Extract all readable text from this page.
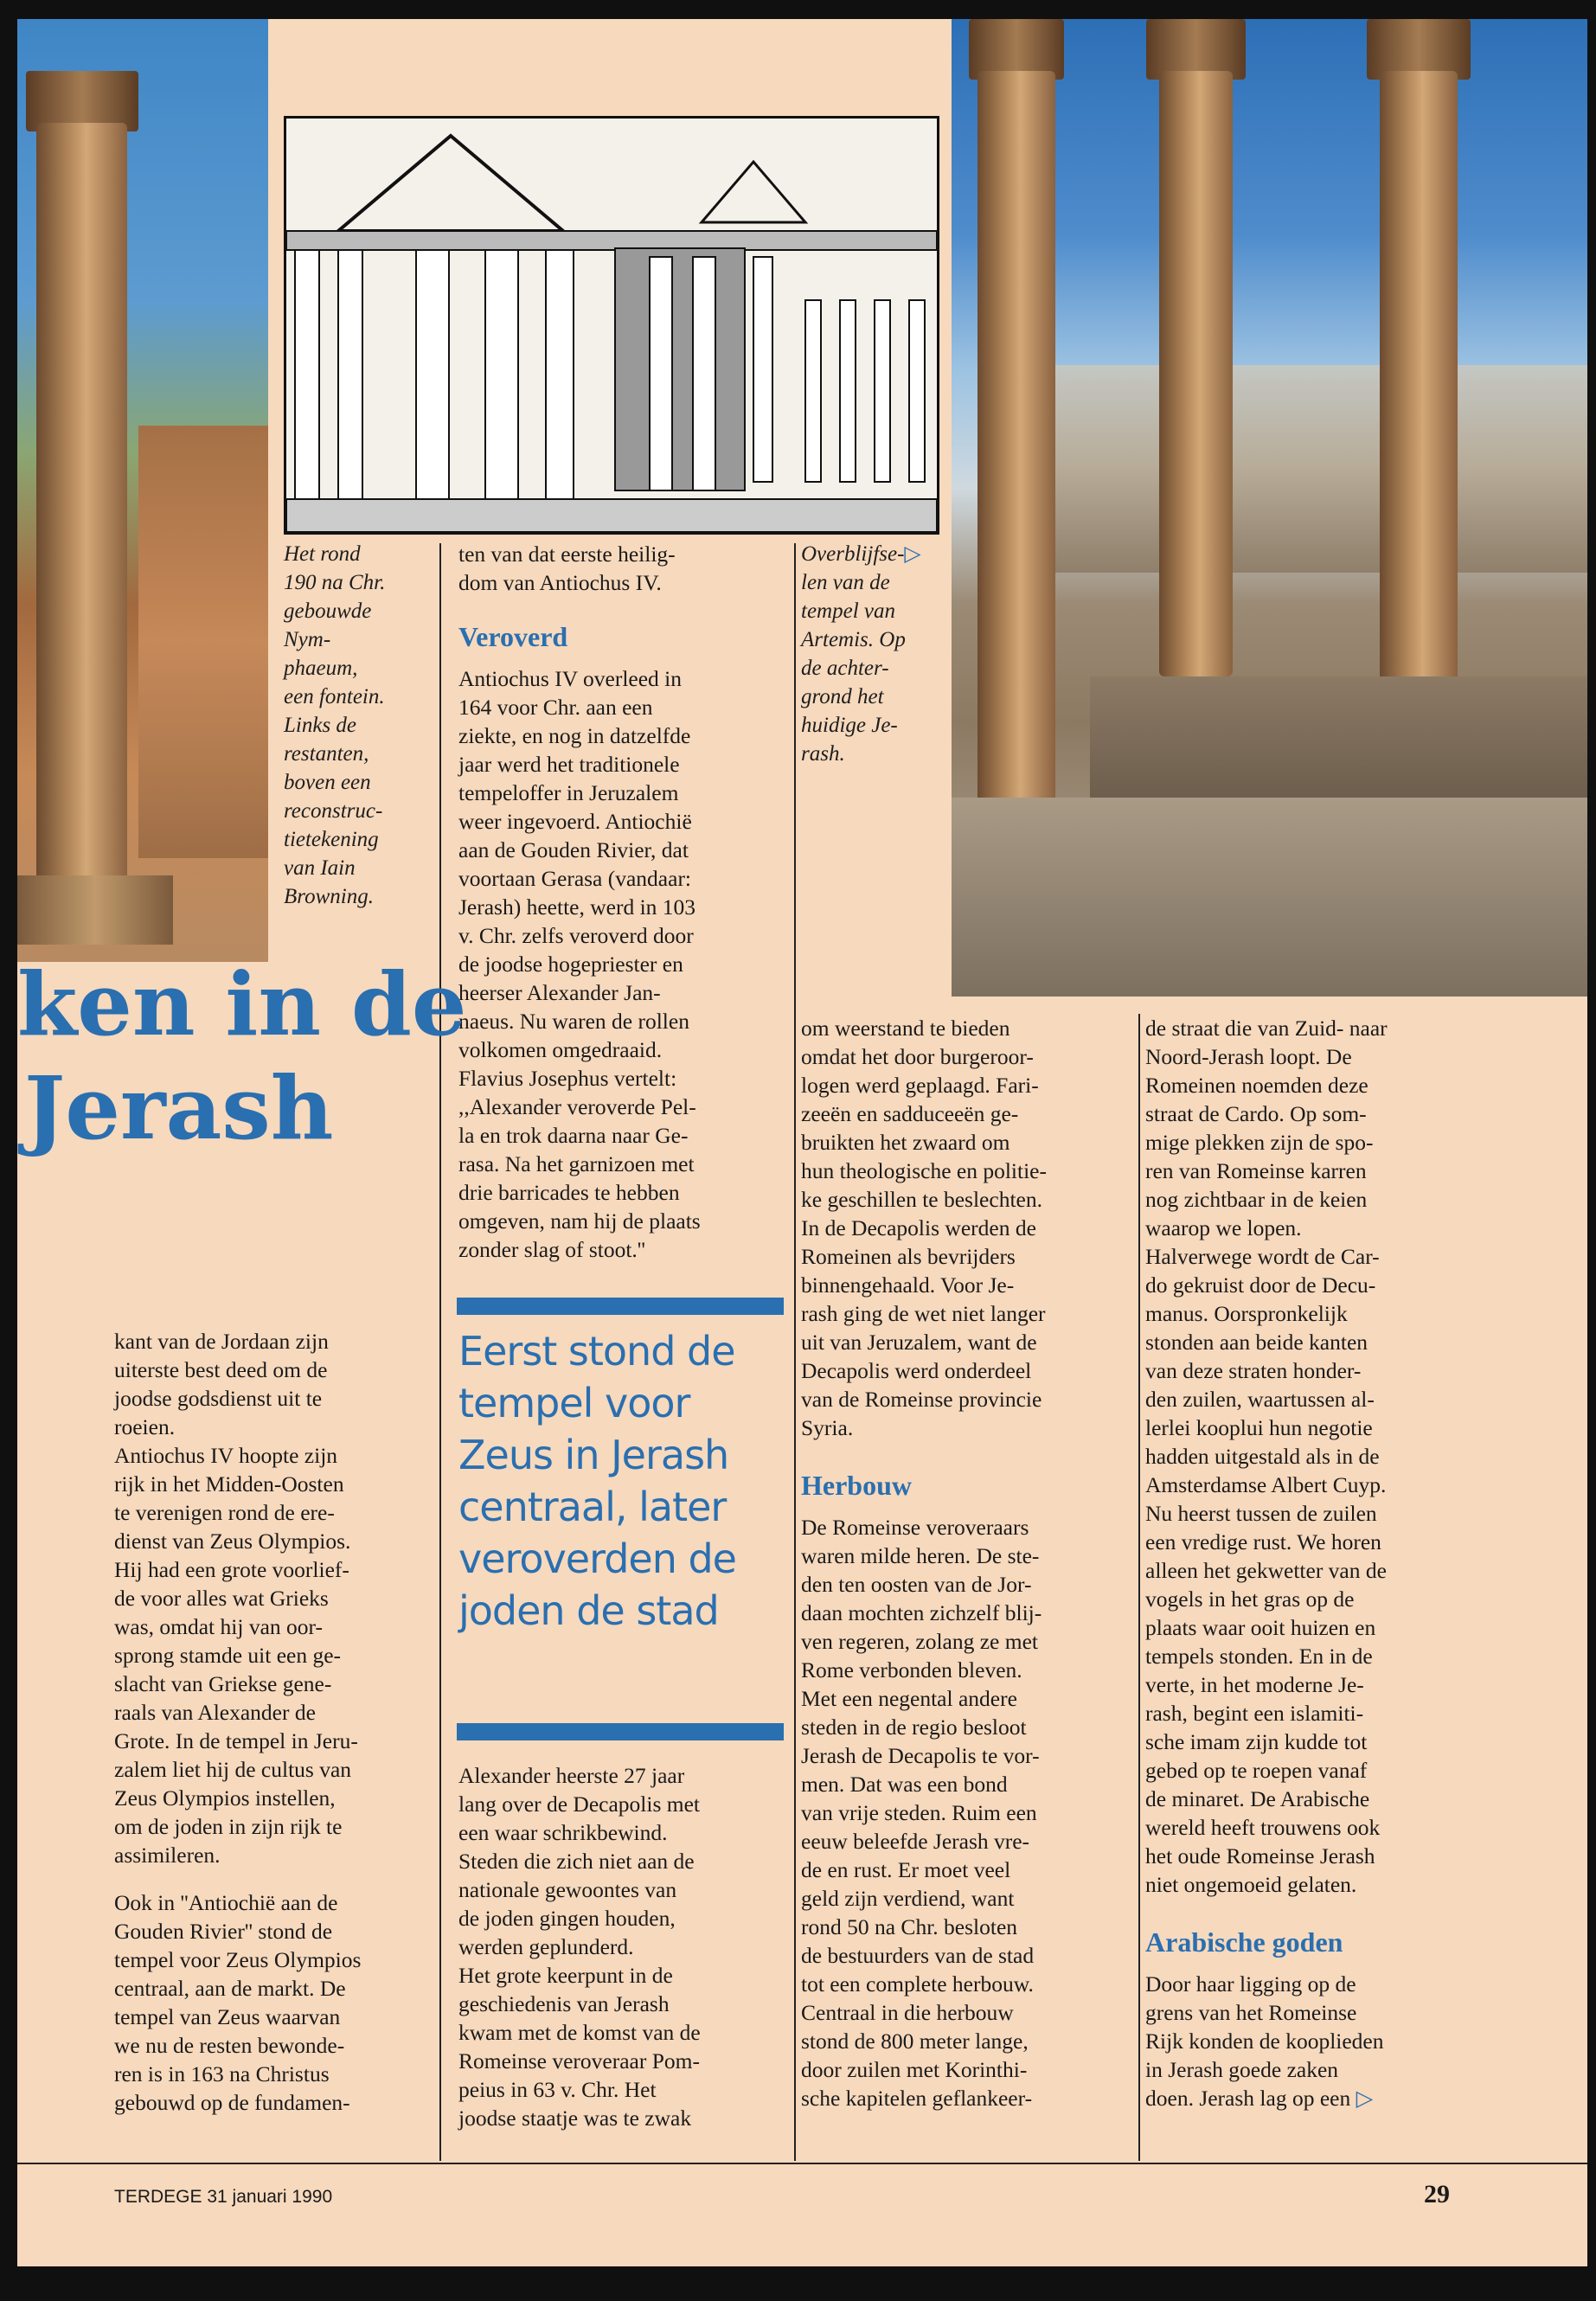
Het rond
190 na Chr.
gebouwde
Nym-
phaeum,
een fontein.
Links de
restanten,
boven een
reconstruc-
tietekening
van Iain
Browning.

ten van dat eerste heilig-
dom van Antiochus IV.

Veroverd

Antiochus IV overleed in
164 voor Chr. aan een
ziekte, en nog in datzelfde
jaar werd het traditionele
tempeloffer in Jeruzalem
weer ingevoerd. Antiochië
aan de Gouden Rivier, dat
voortaan Gerasa (vandaar:
Jerash) heette, werd in 103
v. Chr. zelfs veroverd door
de joodse hogepriester en
heerser Alexander Jan-
naeus. Nu waren de rollen
volkomen omgedraaid.
Flavius Josephus vertelt:
,,Alexander veroverde Pel-
la en trok daarna naar Ge-
rasa. Na het garnizoen met
drie barricades te hebben
omgeven, nam hij de plaats
zonder slag of stoot.''

Eerst stond de tempel voor Zeus in Jerash centraal, later veroverden de joden de stad

Alexander heerste 27 jaar
lang over de Decapolis met
een waar schrikbewind.
Steden die zich niet aan de
nationale gewoontes van
de joden gingen houden,
werden geplunderd.
Het grote keerpunt in de
geschiedenis van Jerash
kwam met de komst van de
Romeinse veroveraar Pom-
peius in 63 v. Chr. Het
joodse staatje was te zwak

Overblijfse-▷
len van de
tempel van
Artemis. Op
de achter-
grond het
huidige Je-
rash.
ken in de
Jerash

kant van de Jordaan zijn
uiterste best deed om de
joodse godsdienst uit te
roeien.

Antiochus IV hoopte zijn
rijk in het Midden-Oosten
te verenigen rond de ere-
dienst van Zeus Olympios.
Hij had een grote voorlief-
de voor alles wat Grieks
was, omdat hij van oor-
sprong stamde uit een ge-
slacht van Griekse gene-
raals van Alexander de
Grote. In de tempel in Jeru-
zalem liet hij de cultus van
Zeus Olympios instellen,
om de joden in zijn rijk te
assimileren.

Ook in ''Antiochië aan de
Gouden Rivier'' stond de
tempel voor Zeus Olympios
centraal, aan de markt. De
tempel van Zeus waarvan
we nu de resten bewonde-
ren is in 163 na Christus
gebouwd op de fundamen-

om weerstand te bieden
omdat het door burgeroor-
logen werd geplaagd. Fari-
zeeën en sadduceeën ge-
bruikten het zwaard om
hun theologische en politie-
ke geschillen te beslechten.
In de Decapolis werden de
Romeinen als bevrijders
binnengehaald. Voor Je-
rash ging de wet niet langer
uit van Jeruzalem, want de
Decapolis werd onderdeel
van de Romeinse provincie
Syria.

Herbouw

De Romeinse veroveraars
waren milde heren. De ste-
den ten oosten van de Jor-
daan mochten zichzelf blij-
ven regeren, zolang ze met
Rome verbonden bleven.
Met een negental andere
steden in de regio besloot
Jerash de Decapolis te vor-
men. Dat was een bond
van vrije steden. Ruim een
eeuw beleefde Jerash vre-
de en rust. Er moet veel
geld zijn verdiend, want
rond 50 na Chr. besloten
de bestuurders van de stad
tot een complete herbouw.
Centraal in die herbouw
stond de 800 meter lange,
door zuilen met Korinthi-
sche kapitelen geflankeer-

de straat die van Zuid- naar
Noord-Jerash loopt. De
Romeinen noemden deze
straat de Cardo. Op som-
mige plekken zijn de spo-
ren van Romeinse karren
nog zichtbaar in de keien
waarop we lopen.
Halverwege wordt de Car-
do gekruist door de Decu-
manus. Oorspronkelijk
stonden aan beide kanten
van deze straten honder-
den zuilen, waartussen al-
lerlei kooplui hun negotie
hadden uitgestald als in de
Amsterdamse Albert Cuyp.
Nu heerst tussen de zuilen
een vredige rust. We horen
alleen het gekwetter van de
vogels in het gras op de
plaats waar ooit huizen en
tempels stonden. En in de
verte, in het moderne Je-
rash, begint een islamiti-
sche imam zijn kudde tot
gebed op te roepen vanaf
de minaret. De Arabische
wereld heeft trouwens ook
het oude Romeinse Jerash
niet ongemoeid gelaten.

Arabische goden

Door haar ligging op de
grens van het Romeinse
Rijk konden de kooplieden
in Jerash goede zaken
doen. Jerash lag op een ▷

TERDEGE 31 januari 1990	29
